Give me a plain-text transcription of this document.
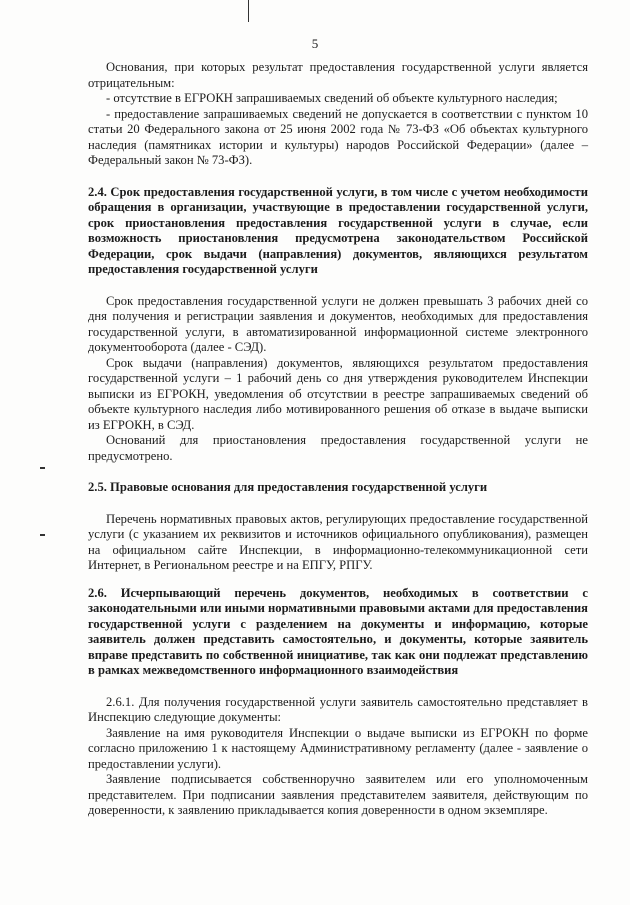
5

Основания, при которых результат предоставления государственной услуги является отрицательным:

- отсутствие в ЕГРОКН запрашиваемых сведений об объекте культурного наследия;

- предоставление запрашиваемых сведений не допускается в соответствии с пунктом 10 статьи 20 Федерального закона от 25 июня 2002 года № 73-ФЗ «Об объектах культурного наследия (памятниках истории и культуры) народов Российской Федерации» (далее – Федеральный закон № 73-ФЗ).

2.4. Срок предоставления государственной услуги, в том числе с учетом необходимости обращения в организации, участвующие в предоставлении государственной услуги, срок приостановления предоставления государственной услуги в случае, если возможность приостановления предусмотрена законодательством Российской Федерации, срок выдачи (направления) документов, являющихся результатом предоставления государственной услуги

Срок предоставления государственной услуги не должен превышать 3 рабочих дней со дня получения и регистрации заявления и документов, необходимых для предоставления государственной услуги, в автоматизированной информационной системе электронного документооборота (далее - СЭД).

Срок выдачи (направления) документов, являющихся результатом предоставления государственной услуги – 1 рабочий день со дня утверждения руководителем Инспекции выписки из ЕГРОКН, уведомления об отсутствии в реестре запрашиваемых сведений об объекте культурного наследия либо мотивированного решения об отказе в выдаче выписки из ЕГРОКН, в СЭД.

Оснований для приостановления предоставления государственной услуги не предусмотрено.

2.5. Правовые основания для предоставления государственной услуги

Перечень нормативных правовых актов, регулирующих предоставление государственной услуги (с указанием их реквизитов и источников официального опубликования), размещен на официальном сайте Инспекции, в информационно-телекоммуникационной сети Интернет, в Региональном реестре и на ЕПГУ, РПГУ.

2.6. Исчерпывающий перечень документов, необходимых в соответствии с законодательными или иными нормативными правовыми актами для предоставления государственной услуги с разделением на документы и информацию, которые заявитель должен представить самостоятельно, и документы, которые заявитель вправе представить по собственной инициативе, так как они подлежат представлению в рамках межведомственного информационного взаимодействия

2.6.1. Для получения государственной услуги заявитель самостоятельно представляет в Инспекцию следующие документы:

Заявление на имя руководителя Инспекции о выдаче выписки из ЕГРОКН по форме согласно приложению 1 к настоящему Административному регламенту (далее - заявление о предоставлении услуги).

Заявление подписывается собственноручно заявителем или его уполномоченным представителем. При подписании заявления представителем заявителя, действующим по доверенности, к заявлению прикладывается копия доверенности в одном экземпляре.
